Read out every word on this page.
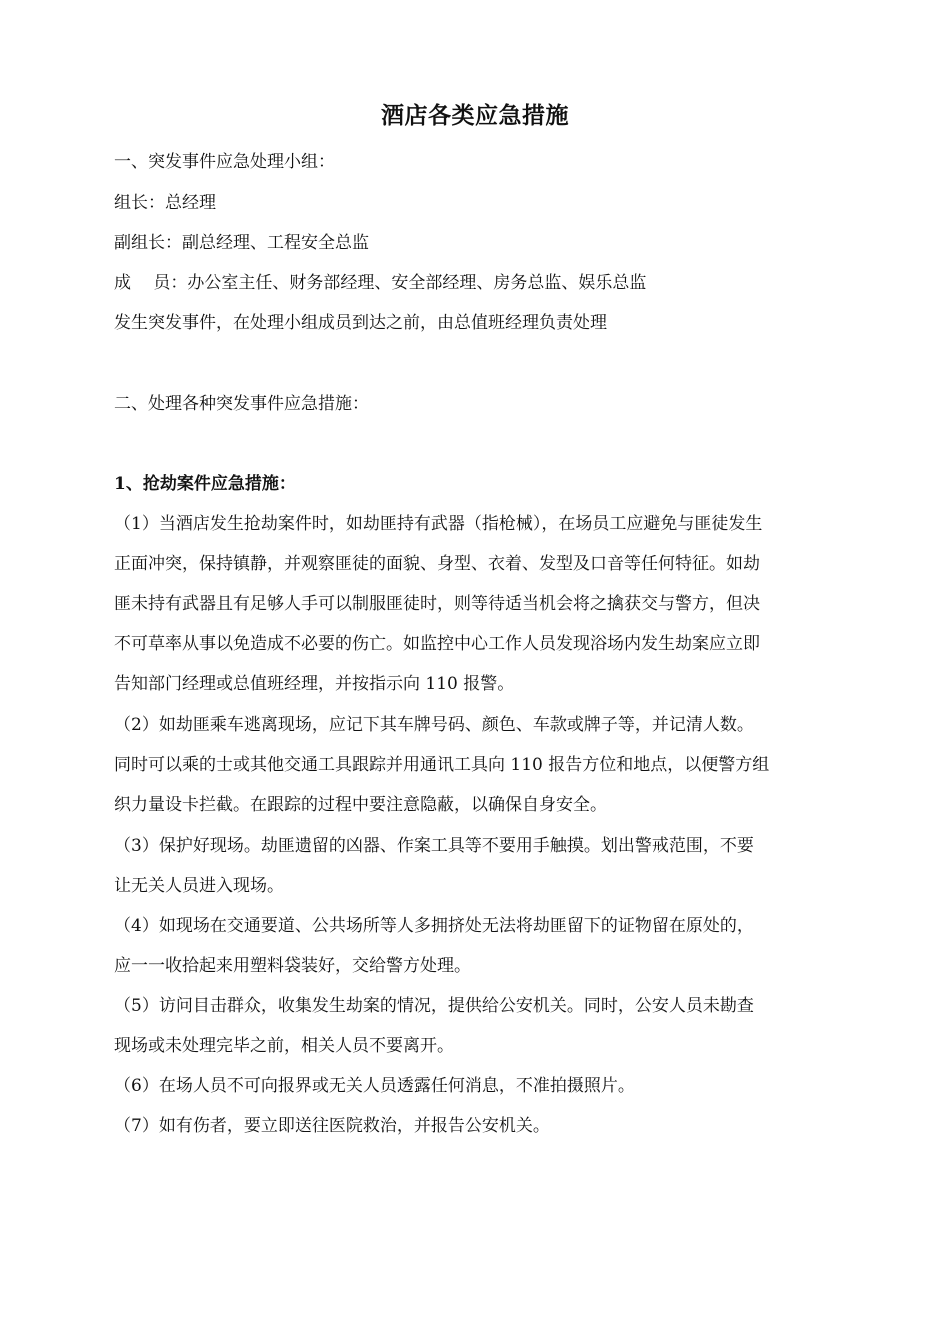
酒店各类应急措施
一、突发事件应急处理小组：
组长：总经理
副组长：副总经理、工程安全总监
成　 员：办公室主任、财务部经理、安全部经理、房务总监、娱乐总监
发生突发事件，在处理小组成员到达之前，由总值班经理负责处理
二、处理各种突发事件应急措施：
1、抢劫案件应急措施：
（1）当酒店发生抢劫案件时，如劫匪持有武器（指枪械），在场员工应避免与匪徒发生
正面冲突，保持镇静，并观察匪徒的面貌、身型、衣着、发型及口音等任何特征。如劫
匪未持有武器且有足够人手可以制服匪徒时，则等待适当机会将之擒获交与警方，但决
不可草率从事以免造成不必要的伤亡。如监控中心工作人员发现浴场内发生劫案应立即
告知部门经理或总值班经理，并按指示向 110 报警。
（2）如劫匪乘车逃离现场，应记下其车牌号码、颜色、车款或牌子等，并记清人数。
同时可以乘的士或其他交通工具跟踪并用通讯工具向 110 报告方位和地点，以便警方组
织力量设卡拦截。在跟踪的过程中要注意隐蔽，以确保自身安全。
（3）保护好现场。劫匪遗留的凶器、作案工具等不要用手触摸。划出警戒范围，不要
让无关人员进入现场。
（4）如现场在交通要道、公共场所等人多拥挤处无法将劫匪留下的证物留在原处的，
应一一收拾起来用塑料袋装好，交给警方处理。
（5）访问目击群众，收集发生劫案的情况，提供给公安机关。同时，公安人员未勘查
现场或未处理完毕之前，相关人员不要离开。
（6）在场人员不可向报界或无关人员透露任何消息，不准拍摄照片。
（7）如有伤者，要立即送往医院救治，并报告公安机关。
